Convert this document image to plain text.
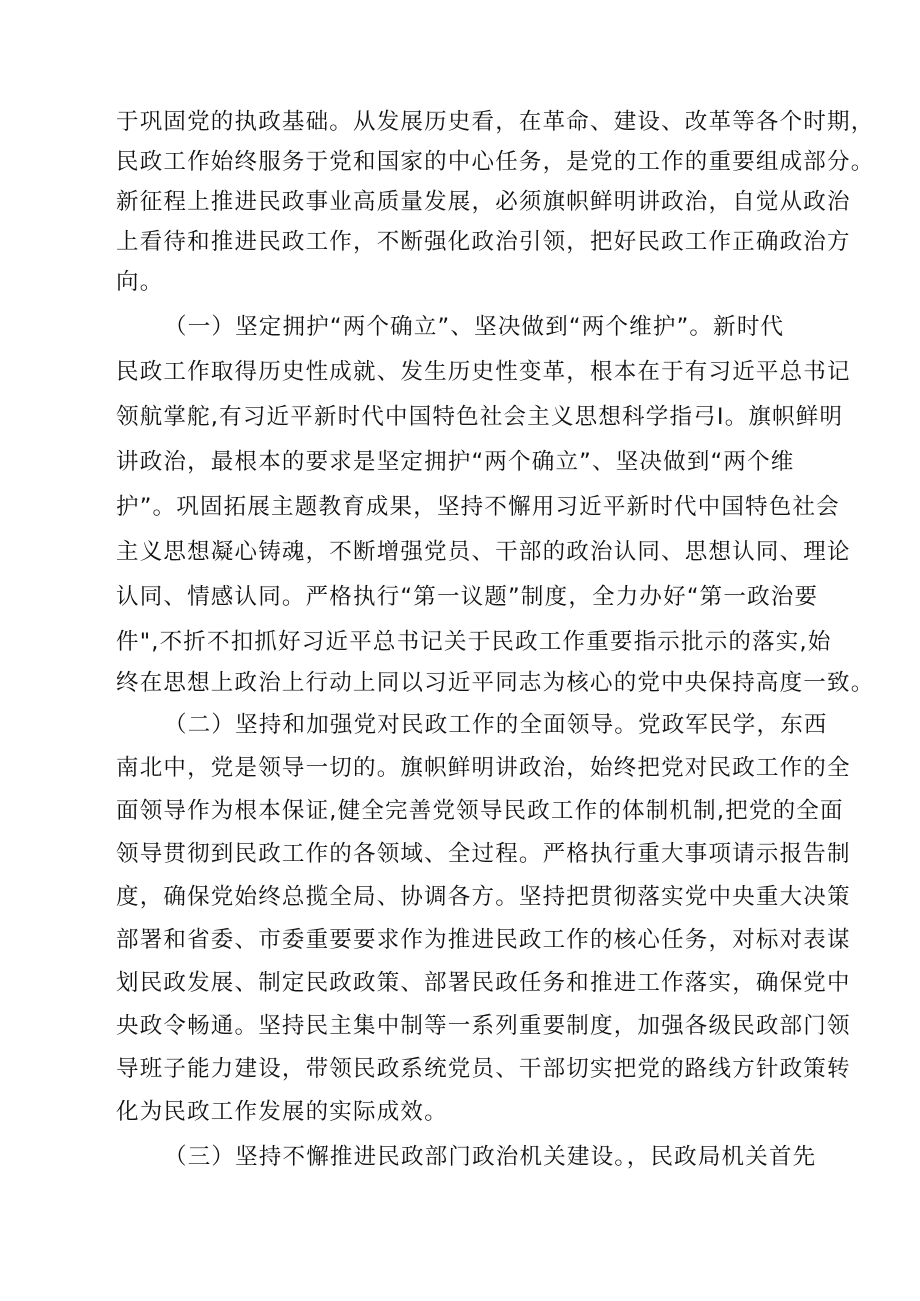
于巩固党的执政基础。从发展历史看，在革命、建设、改革等各个时期，
民政工作始终服务于党和国家的中心任务，是党的工作的重要组成部分。
新征程上推进民政事业高质量发展，必须旗帜鲜明讲政治，自觉从政治
上看待和推进民政工作，不断强化政治引领，把好民政工作正确政治方
向。
（一）坚定拥护“两个确立”、坚决做到“两个维护”。新时代
民政工作取得历史性成就、发生历史性变革，根本在于有习近平总书记
领航掌舵,有习近平新时代中国特色社会主义思想科学指弓I。旗帜鲜明
讲政治，最根本的要求是坚定拥护“两个确立”、坚决做到“两个维
护”。巩固拓展主题教育成果，坚持不懈用习近平新时代中国特色社会
主义思想凝心铸魂，不断增强党员、干部的政治认同、思想认同、理论
认同、情感认同。严格执行“第一议题”制度，全力办好“第一政治要
件",不折不扣抓好习近平总书记关于民政工作重要指示批示的落实,始
终在思想上政治上行动上同以习近平同志为核心的党中央保持高度一致。
（二）坚持和加强党对民政工作的全面领导。党政军民学，东西
南北中，党是领导一切的。旗帜鲜明讲政治，始终把党对民政工作的全
面领导作为根本保证,健全完善党领导民政工作的体制机制,把党的全面
领导贯彻到民政工作的各领域、全过程。严格执行重大事项请示报告制
度，确保党始终总揽全局、协调各方。坚持把贯彻落实党中央重大决策
部署和省委、市委重要要求作为推进民政工作的核心任务，对标对表谋
划民政发展、制定民政政策、部署民政任务和推进工作落实，确保党中
央政令畅通。坚持民主集中制等一系列重要制度，加强各级民政部门领
导班子能力建设，带领民政系统党员、干部切实把党的路线方针政策转
化为民政工作发展的实际成效。
（三）坚持不懈推进民政部门政治机关建设。，民政局机关首先
